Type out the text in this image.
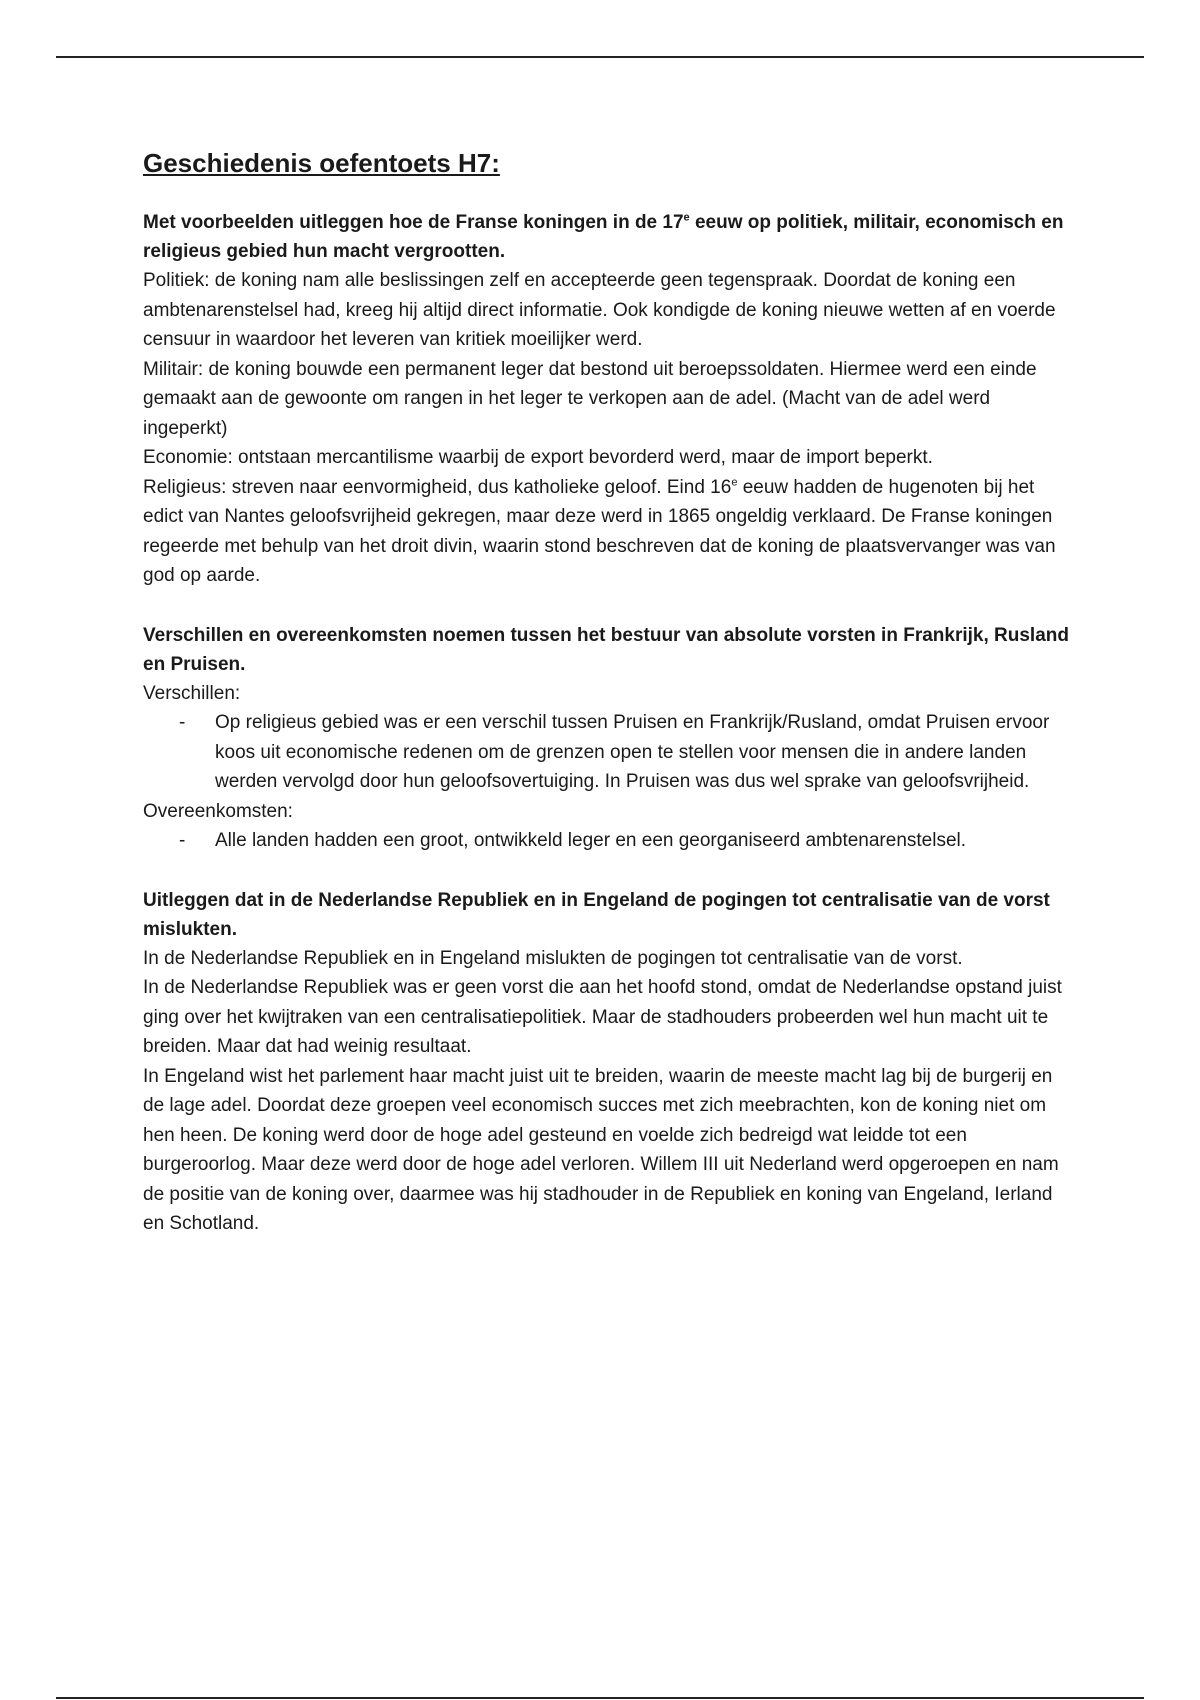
Geschiedenis oefentoets H7:

Met voorbeelden uitleggen hoe de Franse koningen in de 17e eeuw op politiek, militair, economisch en religieus gebied hun macht vergrootten.

Politiek: de koning nam alle beslissingen zelf en accepteerde geen tegenspraak. Doordat de koning een ambtenarenstelsel had, kreeg hij altijd direct informatie. Ook kondigde de koning nieuwe wetten af en voerde censuur in waardoor het leveren van kritiek moeilijker werd.

Militair: de koning bouwde een permanent leger dat bestond uit beroepssoldaten. Hiermee werd een einde gemaakt aan de gewoonte om rangen in het leger te verkopen aan de adel. (Macht van de adel werd ingeperkt)

Economie: ontstaan mercantilisme waarbij de export bevorderd werd, maar de import beperkt.

Religieus: streven naar eenvormigheid, dus katholieke geloof. Eind 16e eeuw hadden de hugenoten bij het edict van Nantes geloofsvrijheid gekregen, maar deze werd in 1865 ongeldig verklaard. De Franse koningen regeerde met behulp van het droit divin, waarin stond beschreven dat de koning de plaatsvervanger was van god op aarde.

Verschillen en overeenkomsten noemen tussen het bestuur van absolute vorsten in Frankrijk, Rusland en Pruisen.

Verschillen:

- Op religieus gebied was er een verschil tussen Pruisen en Frankrijk/Rusland, omdat Pruisen ervoor koos uit economische redenen om de grenzen open te stellen voor mensen die in andere landen werden vervolgd door hun geloofsovertuiging. In Pruisen was dus wel sprake van geloofsvrijheid.

Overeenkomsten:

- Alle landen hadden een groot, ontwikkeld leger en een georganiseerd ambtenarenstelsel.

Uitleggen dat in de Nederlandse Republiek en in Engeland de pogingen tot centralisatie van de vorst mislukten.

In de Nederlandse Republiek en in Engeland mislukten de pogingen tot centralisatie van de vorst.

In de Nederlandse Republiek was er geen vorst die aan het hoofd stond, omdat de Nederlandse opstand juist ging over het kwijtraken van een centralisatiepolitiek. Maar de stadhouders probeerden wel hun macht uit te breiden. Maar dat had weinig resultaat.

In Engeland wist het parlement haar macht juist uit te breiden, waarin de meeste macht lag bij de burgerij en de lage adel. Doordat deze groepen veel economisch succes met zich meebrachten, kon de koning niet om hen heen. De koning werd door de hoge adel gesteund en voelde zich bedreigd wat leidde tot een burgeroorlog. Maar deze werd door de hoge adel verloren. Willem III uit Nederland werd opgeroepen en nam de positie van de koning over, daarmee was hij stadhouder in de Republiek en koning van Engeland, Ierland en Schotland.
